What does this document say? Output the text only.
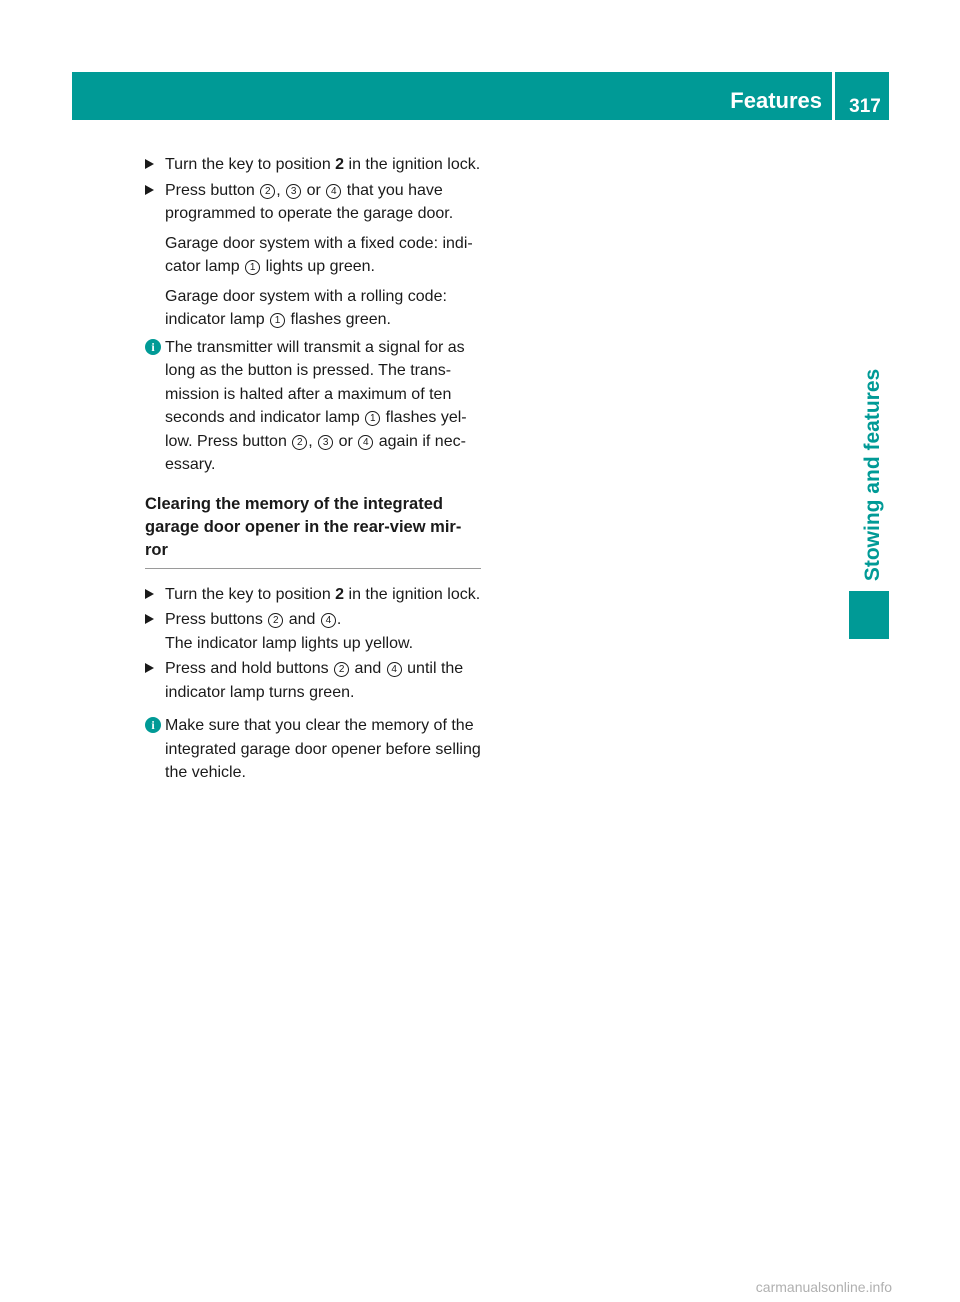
Features	317
Stowing and features

Turn the key to position 2 in the ignition lock.

Press button 2 , 3 or 4 that you have programmed to operate the garage door.

Garage door system with a fixed code: indi-cator lamp 1 lights up green.

Garage door system with a rolling code: indicator lamp 1 flashes green.

i The transmitter will transmit a signal for as long as the button is pressed. The trans-mission is halted after a maximum of ten seconds and indicator lamp 1 flashes yel-low. Press button 2 , 3 or 4 again if nec-essary.

Clearing the memory of the integrated garage door opener in the rear-view mir-ror

Turn the key to position 2 in the ignition lock.

Press buttons 2 and 4 .

The indicator lamp lights up yellow.

Press and hold buttons 2 and 4 until the indicator lamp turns green.

i Make sure that you clear the memory of the integrated garage door opener before selling the vehicle.

carmanualsonline.info
